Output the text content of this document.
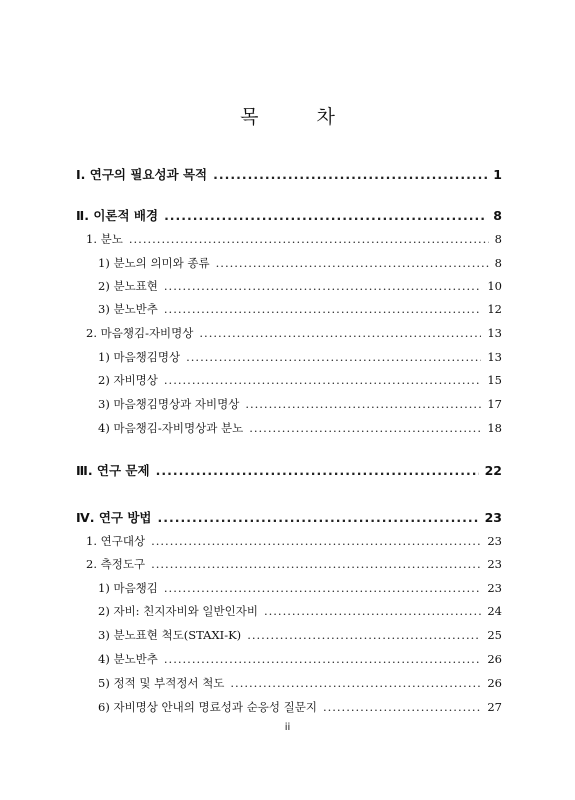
목 차
Ⅰ. 연구의 필요성과 목적 .....	1
Ⅱ. 이론적 배경 .....	8
1. 분노 .....	8
1) 분노의 의미와 종류 .....	8
2) 분노표현 .....	10
3) 분노반추 .....	12
2. 마음챙김-자비명상 .....	13
1) 마음챙김명상 .....	13
2) 자비명상 .....	15
3) 마음챙김명상과 자비명상 .....	17
4) 마음챙김-자비명상과 분노 .....	18
Ⅲ. 연구 문제 .....	22
Ⅳ. 연구 방법 .....	23
1. 연구대상 .....	23
2. 측정도구 .....	23
1) 마음챙김 .....	23
2) 자비: 친지자비와 일반인자비 .....	24
3) 분노표현 척도(STAXI-K) .....	25
4) 분노반추 .....	26
5) 정적 및 부적정서 척도 .....	26
6) 자비명상 안내의 명료성과 순응성 질문지 .....	27
ii
